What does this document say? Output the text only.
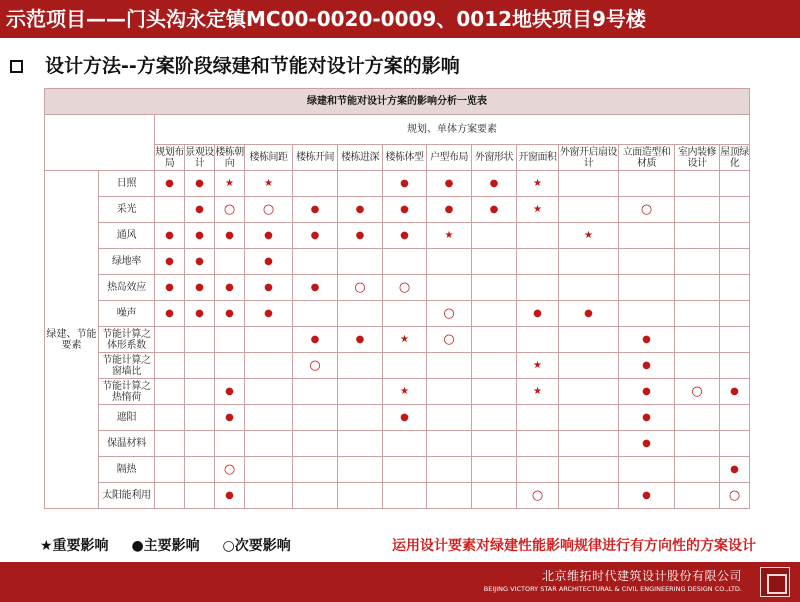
示范项目——门头沟永定镇MC00-0020-0009、0012地块项目9号楼
设计方法--方案阶段绿建和节能对设计方案的影响
绿建和节能对设计方案的影响分析一览表															
		规划、单体方案要素													
		规划布局	景观设计	楼栋朝向	楼栋间距	楼栋开间	楼栋进深	楼栋体型	户型布局	外窗形状	开窗面积	外窗开启扇设计	立面造型和材质	室内装修设计	屋顶绿化
绿建、节能要素	日照	●	●	★	★			●	●	●	★				
	采光		●	○	○	●	●	●	●	●	★		○		
	通风	●	●	●	●	●	●	●	★			★			
	绿地率	●	●		●										
	热岛效应	●	●	●	●	●	○	○							
	噪声	●	●	●	●				○		●	●			
	节能计算之体形系数					●	●	★	○				●		
	节能计算之窗墙比					○					★		●		
	节能计算之热惰荷			●				★			★		●	○	●
	遮阳			●				●					●		
	保温材料												●		
	隔热			○											●
	太阳能利用			●							○		●		○
★重要影响 ●主要影响 ○次要影响	运用设计要素对绿建性能影响规律进行有方向性的方案设计
北京维拓时代建筑设计股份有限公司
BEIJING VICTORY STAR ARCHITECTURAL & CIVIL ENGINEERING DESIGN CO.,LTD.
